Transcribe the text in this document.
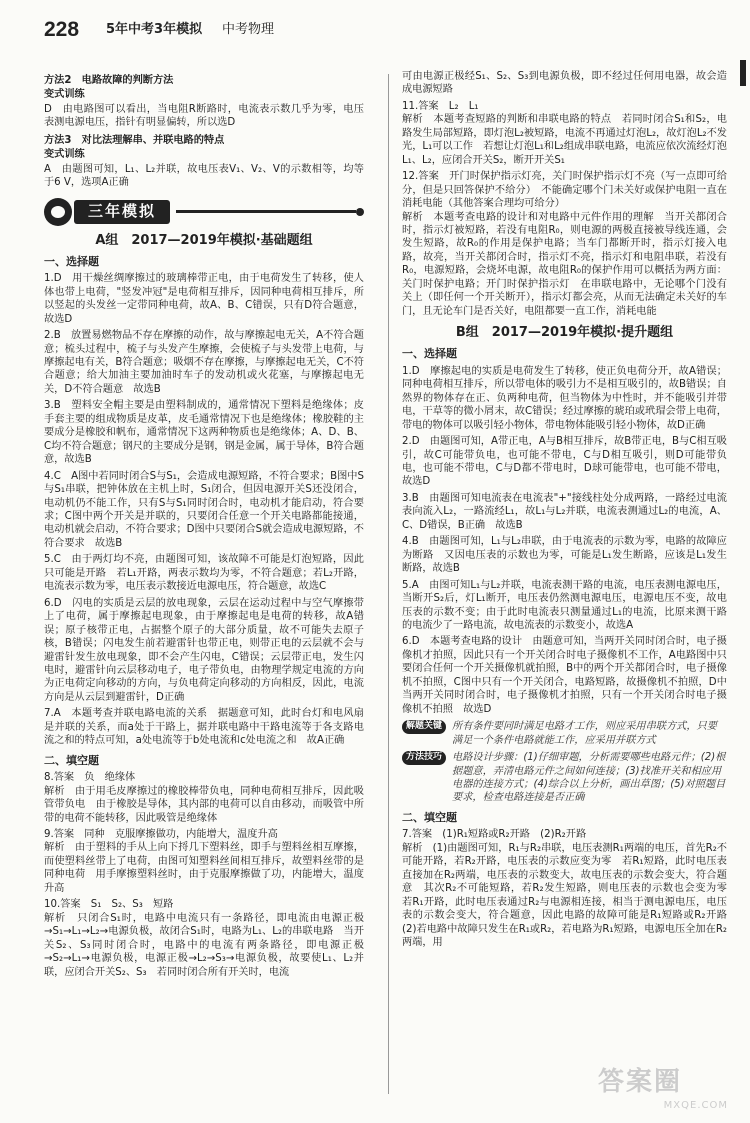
228 5年中考3年模拟 中考物理
方法2　电路故障的判断方法
变式训练

D　由电路图可以看出，当电阻R断路时，电流表示数几乎为零，电压表测电源电压，指针有明显偏转，所以选D

方法3　对比法理解串、并联电路的特点
变式训练

A　由题图可知，L₁、L₂并联，故电压表V₁、V₂、V的示数相等，均等于6 V，选项A正确

三年模拟
A组　2017—2019年模拟·基础题组
一、选择题

1.D　用干燥丝绸摩擦过的玻璃棒带正电，由于电荷发生了转移，使人体也带上电荷，"竖发冲冠"是电荷相互排斥，因同种电荷相互排斥，所以竖起的头发丝一定带同种电荷，故A、B、C错误，只有D符合题意，故选D

2.B　放置易燃物品不存在摩擦的动作，故与摩擦起电无关，A不符合题意；梳头过程中，梳子与头发产生摩擦，会使梳子与头发带上电荷，与摩擦起电有关，B符合题意；吸烟不存在摩擦，与摩擦起电无关，C不符合题意；给大加油主要加油时车子的发动机或火花塞，与摩擦起电无关，D不符合题意　故选B

3.B　塑料安全帽主要是由塑料制成的，通常情况下塑料是绝缘体；皮手套主要的组成物质是皮革，皮毛通常情况下也是绝缘体；橡胶鞋的主要成分是橡胶和帆布，通常情况下这两种物质也是绝缘体；A、D、B、C均不符合题意；钢尺的主要成分是钢，钢是金属，属于导体，B符合题意，故选B

4.C　A图中若同时闭合S与S₁，会造成电源短路，不符合要求；B图中S与S₁串联，把钟体放在主机上时，S₁闭合，但因电源开关S还没闭合，电动机仍不能工作，只有S与S₁同时闭合时，电动机才能启动，符合要求；C图中两个开关是并联的，只要闭合任意一个开关电路都能接通，电动机就会启动，不符合要求；D图中只要闭合S就会造成电源短路，不符合要求　故选B

5.C　由于两灯均不亮，由题图可知，该故障不可能是灯泡短路，因此只可能是开路　若L₁开路，两表示数均为零，不符合题意；若L₂开路，电流表示数为零，电压表示数接近电源电压，符合题意，故选C

6.D　闪电的实质是云层的放电现象，云层在运动过程中与空气摩擦带上了电荷，属于摩擦起电现象，由于摩擦起电是电荷的转移，故A错误；原子核带正电，占据整个原子的大部分质量，故不可能失去原子核，B错误；闪电发生前若避雷针也带正电，则带正电的云层就不会与避雷针发生放电现象，即不会产生闪电，C错误；云层带正电，发生闪电时，避雷针向云层移动电子，电子带负电，由物理学规定电流的方向为正电荷定向移动的方向，与负电荷定向移动的方向相反，因此，电流方向是从云层到避雷针，D正确

7.A　本题考查并联电路电流的关系　据题意可知，此时台灯和电风扇是并联的关系，而a处于干路上，据并联电路中干路电流等于各支路电流之和的特点可知，a处电流等于b处电流和c处电流之和　故A正确

二、填空题

8.答案　负　绝缘体

解析　由于用毛皮摩擦过的橡胶棒带负电，同种电荷相互排斥，因此吸管带负电　由于橡胶是导体，其内部的电荷可以自由移动，而吸管中所带的电荷不能转移，因此吸管是绝缘体

9.答案　同种　克服摩擦做功，内能增大，温度升高

解析　由于塑料的手从上向下捋几下塑料丝，即手与塑料丝相互摩擦，而使塑料丝带上了电荷，由图可知塑料丝间相互排斥，故塑料丝带的是同种电荷　用手摩擦塑料丝时，由于克服摩擦做了功，内能增大，温度升高

10.答案　S₁　S₂、S₃　短路

解析　只闭合S₁时，电路中电流只有一条路径，即电流由电源正极→S₁→L₁→L₂→电源负极，故闭合S₁时，电路为L₁、L₂的串联电路　当开关S₂、S₃同时闭合时，电路中的电流有两条路径，即电源正极→S₂→L₁→电源负极，电源正极→L₂→S₃→电源负极，故要使L₁、L₂并联，应闭合开关S₂、S₃　若同时闭合所有开关时，电流

可由电源正极经S₁、S₂、S₃到电源负极，即不经过任何用电器，故会造成电源短路

11.答案　L₂　L₁

解析　本题考查短路的判断和串联电路的特点　若同时闭合S₁和S₂，电路发生局部短路，即灯泡L₂被短路，电流不再通过灯泡L₂，故灯泡L₂不发光，L₁可以工作　若想让灯泡L₁和L₂组成串联电路，电流应依次流经灯泡L₁、L₂，应闭合开关S₂，断开开关S₁

12.答案　开门时保护指示灯亮，关门时保护指示灯不亮（写一点即可给分，但是只回答保护不给分）　不能确定哪个门未关好或保护电阻一直在消耗电能（其他答案合理均可给分）

解析　本题考查电路的设计和对电路中元件作用的理解　当开关都闭合时，指示灯被短路，若没有电阻R₀，则电源的两极直接被导线连通，会发生短路，故R₀的作用是保护电路；当车门都断开时，指示灯接入电路，故亮，当开关都闭合时，指示灯不亮，指示灯和电阻串联，若没有R₀，电源短路，会烧坏电源，故电阻R₀的保护作用可以概括为两方面：关门时保护电路；开门时保护指示灯　在串联电路中，无论哪个门没有关上（即任何一个开关断开），指示灯都会亮，从而无法确定未关好的车门，且无论车门是否关好，电阻都要一直工作，消耗电能

B组　2017—2019年模拟·提升题组
一、选择题

1.D　摩擦起电的实质是电荷发生了转移，使正负电荷分开，故A错误；同种电荷相互排斥，所以带电体的吸引力不是相互吸引的，故B错误；自然界的物体存在正、负两种电荷，但当物体为中性时，并不能吸引并带电，干草等的微小屑末，故C错误；经过摩擦的琥珀或玳瑁会带上电荷，带电的物体可以吸引轻小物体，带电物体能吸引轻小物体，故D正确

2.D　由题图可知，A带正电，A与B相互排斥，故B带正电，B与C相互吸引，故C可能带负电，也可能不带电，C与D相互吸引，则D可能带负电，也可能不带电，C与D都不带电时，D球可能带电，也可能不带电，故选D

3.B　由题图可知电流表在电流表"+"接线柱处分成两路，一路经过电流表向流入L₂，一路流经L₁，故L₁与L₂并联，电流表测通过L₂的电流，A、C、D错误，B正确　故选B

4.B　由题图可知，L₁与L₂串联，由于电流表的示数为零，电路的故障应为断路　又因电压表的示数也为零，可能是L₁发生断路，应该是L₁发生断路，故选B

5.A　由图可知L₁与L₂并联，电流表测干路的电流，电压表测电源电压，当断开S₂后，灯L₁断开，电压表仍然测电源电压，电源电压不变，故电压表的示数不变；由于此时电流表只测量通过L₁的电流，比原来测干路的电流少了一路电流，故电流表的示数变小，故选A

6.D　本题考查电路的设计　由题意可知，当两开关同时闭合时，电子摄像机才拍照，因此只有一个开关闭合时电子摄像机不工作，A电路图中只要闭合任何一个开关摄像机就拍照，B中的两个开关都闭合时，电子摄像机不拍照，C图中只有一个开关闭合，电路短路，故摄像机不拍照，D中当两开关同时闭合时，电子摄像机才拍照，只有一个开关闭合时电子摄像机不拍照　故选D

解题关键 所有条件要同时满足电路才工作，则应采用串联方式，只要满足一个条件电路就能工作，应采用并联方式
方法技巧 电路设计步骤：(1)仔细审题，分析需要哪些电路元件；(2)根据题意，弄清电路元件之间如何连接；(3)找准开关和相应用电器的连接方式；(4)综合以上分析，画出草图；(5)对照题目要求，检查电路连接是否正确
二、填空题

7.答案　(1)R₁短路或R₂开路　(2)R₂开路

解析　(1)由题图可知，R₁与R₂串联，电压表测R₁两端的电压，首先R₂不可能开路，若R₂开路，电压表的示数应变为零　若R₁短路，此时电压表直接加在R₂两端，电压表的示数变大，故电压表的示数会变大，符合题意　其次R₂不可能短路，若R₂发生短路，则电压表的示数也会变为零　若R₁开路，此时电压表通过R₂与电源相连接，相当于测电源电压，电压表的示数会变大，符合题意，因此电路的故障可能是R₁短路或R₂开路　(2)若电路中故障只发生在R₁或R₂，若电路为R₁短路，电源电压全加在R₂两端，用

答案圈
MXQE.COM
